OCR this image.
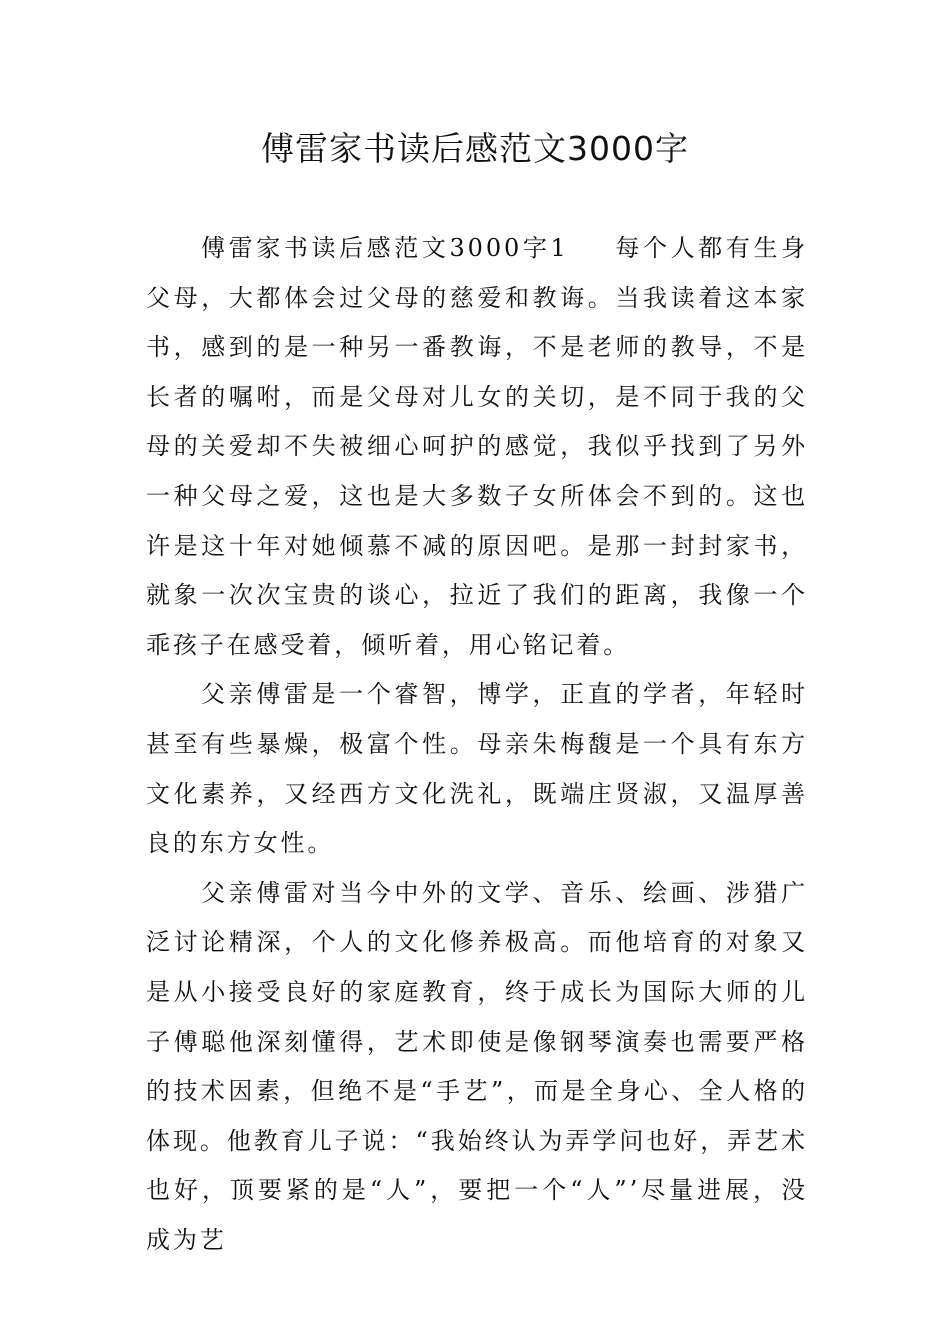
傅雷家书读后感范文3000字

傅雷家书读后感范文3000字1 每个人都有生身父母，大都体会过父母的慈爱和教诲。当我读着这本家书，感到的是一种另一番教诲，不是老师的教导，不是长者的嘱咐，而是父母对儿女的关切，是不同于我的父母的关爱却不失被细心呵护的感觉，我似乎找到了另外一种父母之爱，这也是大多数子女所体会不到的。这也许是这十年对她倾慕不减的原因吧。是那一封封家书，就象一次次宝贵的谈心，拉近了我们的距离，我像一个乖孩子在感受着，倾听着，用心铭记着。

父亲傅雷是一个睿智，博学，正直的学者，年轻时甚至有些暴燥，极富个性。母亲朱梅馥是一个具有东方文化素养，又经西方文化洗礼，既端庄贤淑，又温厚善良的东方女性。

父亲傅雷对当今中外的文学、音乐、绘画、涉猎广泛讨论精深，个人的文化修养极高。而他培育的对象又是从小接受良好的家庭教育，终于成长为国际大师的儿子傅聪他深刻懂得，艺术即使是像钢琴演奏也需要严格的技术因素，但绝不是“手艺”，而是全身心、全人格的体现。他教育儿子说：“我始终认为弄学问也好，弄艺术也好，顶要紧的是“人”，要把一个“人”’尽量进展，没成为艺
